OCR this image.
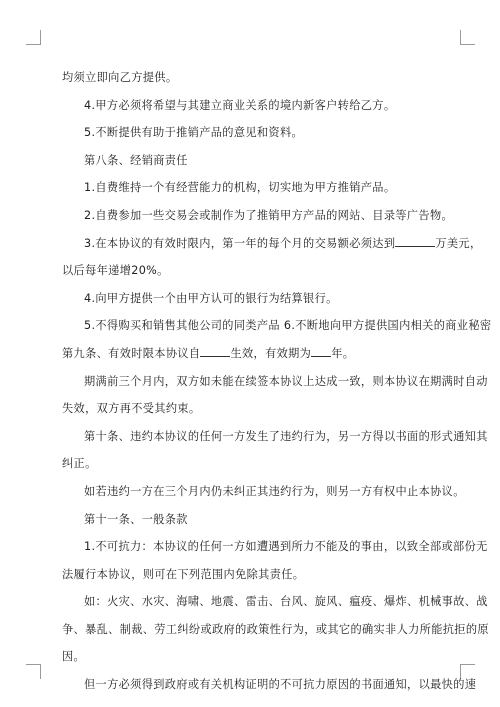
均须立即向乙方提供。

4.甲方必须将希望与其建立商业关系的境内新客户转给乙方。

5.不断提供有助于推销产品的意见和资料。

第八条、经销商责任

1.自费维持一个有经营能力的机构，切实地为甲方推销产品。

2.自费参加一些交易会或制作为了推销甲方产品的网站、目录等广告物。

3.在本协议的有效时限内，第一年的每个月的交易额必须达到	万美元，

以后每年递增20%。

4.向甲方提供一个由甲方认可的银行为结算银行。

5.不得购买和销售其他公司的同类产品 6.不断地向甲方提供国内相关的商业秘密

第九条、有效时限本协议自	生效，有效期为 年。

期满前三个月内，双方如未能在续签本协议上达成一致，则本协议在期满时自动

失效，双方再不受其约束。

第十条、违约本协议的任何一方发生了违约行为，另一方得以书面的形式通知其

纠正。

如若违约一方在三个月内仍未纠正其违约行为，则另一方有权中止本协议。

第十一条、一般条款

1.不可抗力：本协议的任何一方如遭遇到所力不能及的事由，以致全部或部份无

法履行本协议，则可在下列范围内免除其责任。

如：火灾、水灾、海啸、地震、雷击、台风、旋风、瘟疫、爆炸、机械事故、战

争、暴乱、制裁、劳工纠纷或政府的政策性行为，或其它的确实非人力所能抗拒的原

因。

但一方必须得到政府或有关机构证明的不可抗力原因的书面通知，以最快的速
